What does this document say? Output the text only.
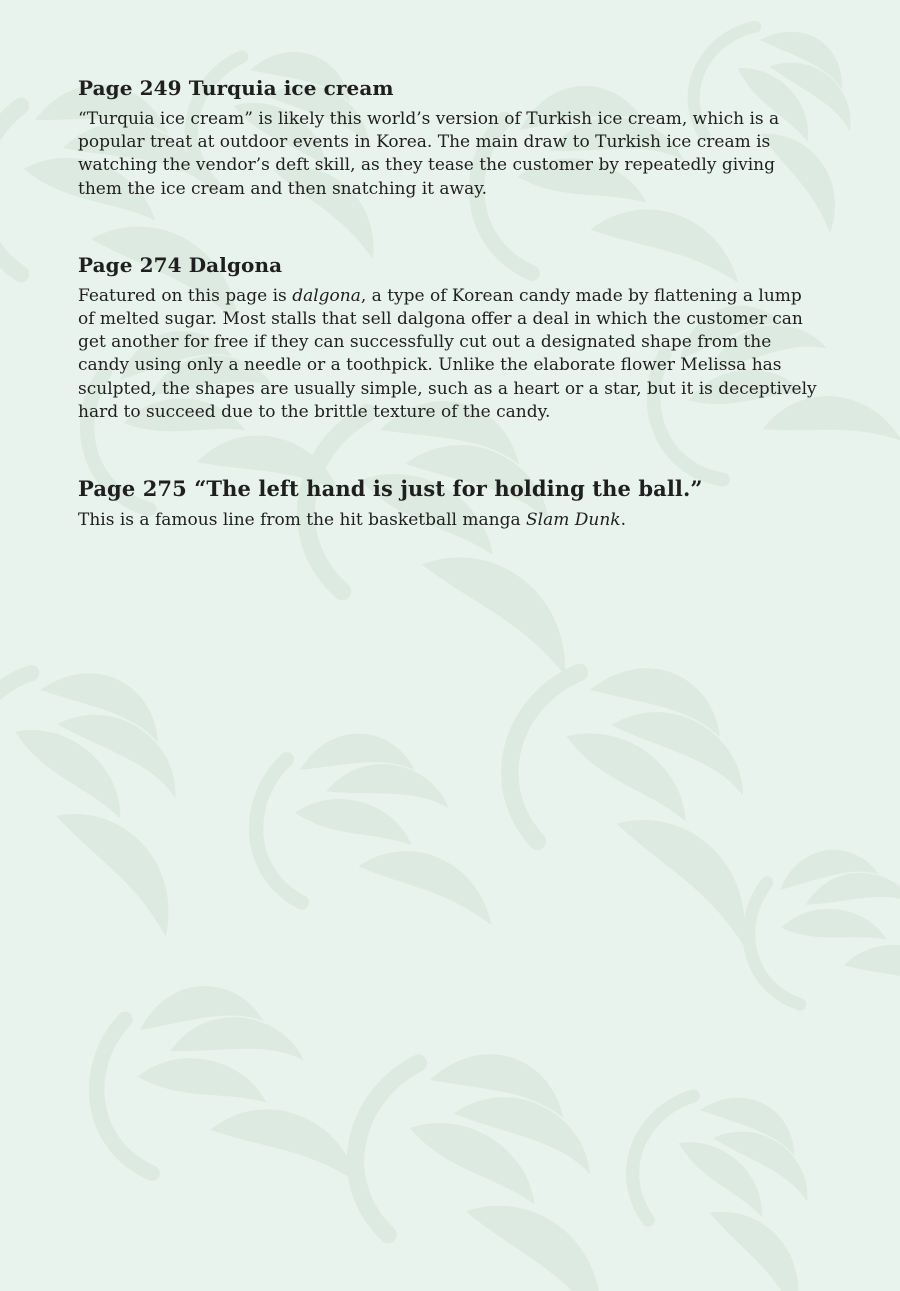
Page 249 Turquia ice cream

“Turquia ice cream” is likely this world’s version of Turkish ice cream, which is a popular treat at outdoor events in Korea. The main draw to Turkish ice cream is watching the vendor’s deft skill, as they tease the customer by repeatedly giving them the ice cream and then snatching it away.

Page 274 Dalgona

Featured on this page is dalgona, a type of Korean candy made by flattening a lump of melted sugar. Most stalls that sell dalgona offer a deal in which the customer can get another for free if they can successfully cut out a designated shape from the candy using only a needle or a toothpick. Unlike the elaborate flower Melissa has sculpted, the shapes are usually simple, such as a heart or a star, but it is deceptively hard to succeed due to the brittle texture of the candy.

Page 275 “The left hand is just for holding the ball.”

This is a famous line from the hit basketball manga Slam Dunk.
